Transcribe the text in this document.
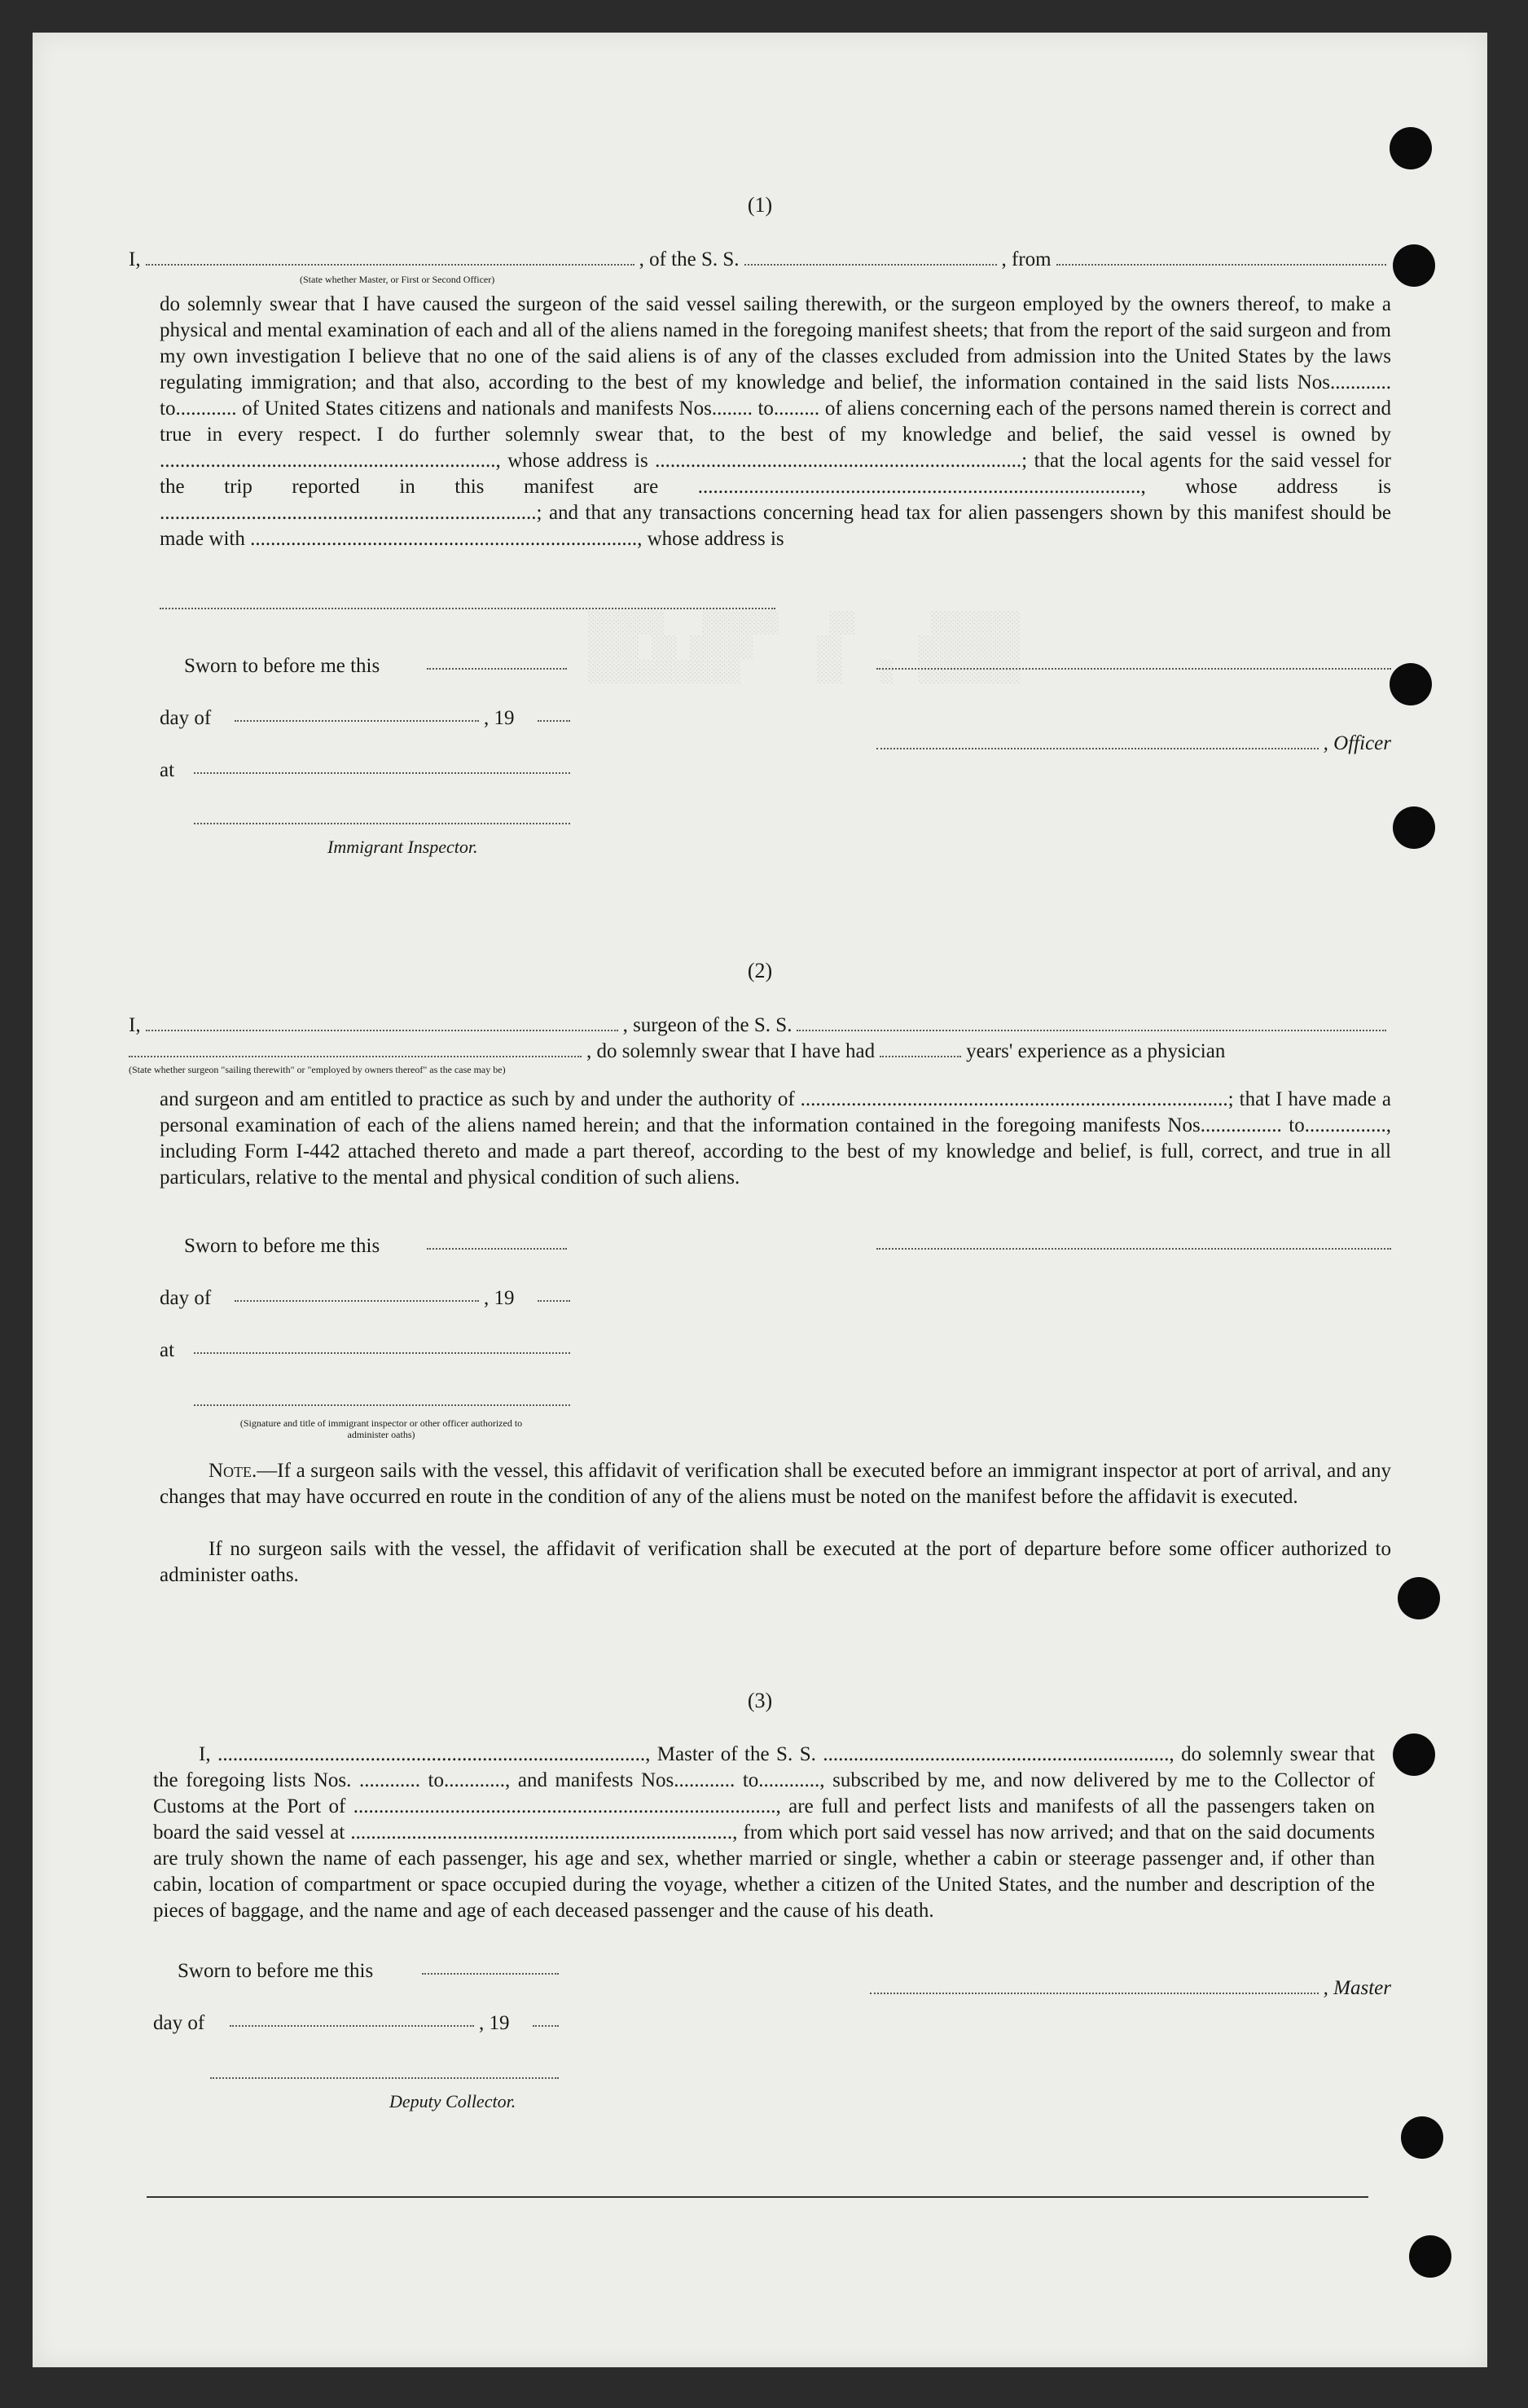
░░░░░░   ░░░░░░    ░░      ░░░░░░░
░░░░ ░░ ░░░░░     ░░      ░░░░░░░░
░░░░░░░░░░░░      ░░   ░  ░░░░░░░░

(1)
I,	, of the S. S.	, from
(State whether Master, or First or Second Officer)
do solemnly swear that I have caused the surgeon of the said vessel sailing therewith, or the surgeon employed by the owners thereof, to make a physical and mental examination of each and all of the aliens named in the foregoing manifest sheets; that from the report of the said surgeon and from my own investigation I believe that no one of the said aliens is of any of the classes excluded from admission into the United States by the laws regulating immigration; and that also, according to the best of my knowledge and belief, the information contained in the said lists Nos............ to............ of United States citizens and nationals and manifests Nos........ to......... of aliens concerning each of the persons named therein is correct and true in every respect. I do further solemnly swear that, to the best of my knowledge and belief, the said vessel is owned by .................................................................., whose address is ........................................................................; that the local agents for the said vessel for the trip reported in this manifest are ......................................................................................., whose address is ..........................................................................; and that any transactions concerning head tax for alien passengers shown by this manifest should be made with ............................................................................, whose address is
Sworn to before me this
day of	, 19
at
Immigrant Inspector.
, Officer
(2)
I,	, surgeon of the S. S.
, do solemnly swear that I have had	years' experience as a physician
(State whether surgeon "sailing therewith" or "employed by owners thereof" as the case may be)
and surgeon and am entitled to practice as such by and under the authority of ....................................................................................; that I have made a personal examination of each of the aliens named herein; and that the information contained in the foregoing manifests Nos................ to................, including Form I-442 attached thereto and made a part thereof, according to the best of my knowledge and belief, is full, correct, and true in all particulars, relative to the mental and physical condition of such aliens.
Sworn to before me this
day of	, 19
at
(Signature and title of immigrant inspector or other officer authorized to administer oaths)
Note.—If a surgeon sails with the vessel, this affidavit of verification shall be executed before an immigrant inspector at port of arrival, and any changes that may have occurred en route in the condition of any of the aliens must be noted on the manifest before the affidavit is executed.
If no surgeon sails with the vessel, the affidavit of verification shall be executed at the port of departure before some officer authorized to administer oaths.
(3)
I, ...................................................................................., Master of the S. S. ...................................................................., do solemnly swear that the foregoing lists Nos. ............ to............, and manifests Nos............ to............, subscribed by me, and now delivered by me to the Collector of Customs at the Port of ..................................................................................., are full and perfect lists and manifests of all the passengers taken on board the said vessel at ..........................................................................., from which port said vessel has now arrived; and that on the said documents are truly shown the name of each passenger, his age and sex, whether married or single, whether a cabin or steerage passenger and, if other than cabin, location of compartment or space occupied during the voyage, whether a citizen of the United States, and the number and description of the pieces of baggage, and the name and age of each deceased passenger and the cause of his death.
Sworn to before me this
, Master
day of	, 19
Deputy Collector.
